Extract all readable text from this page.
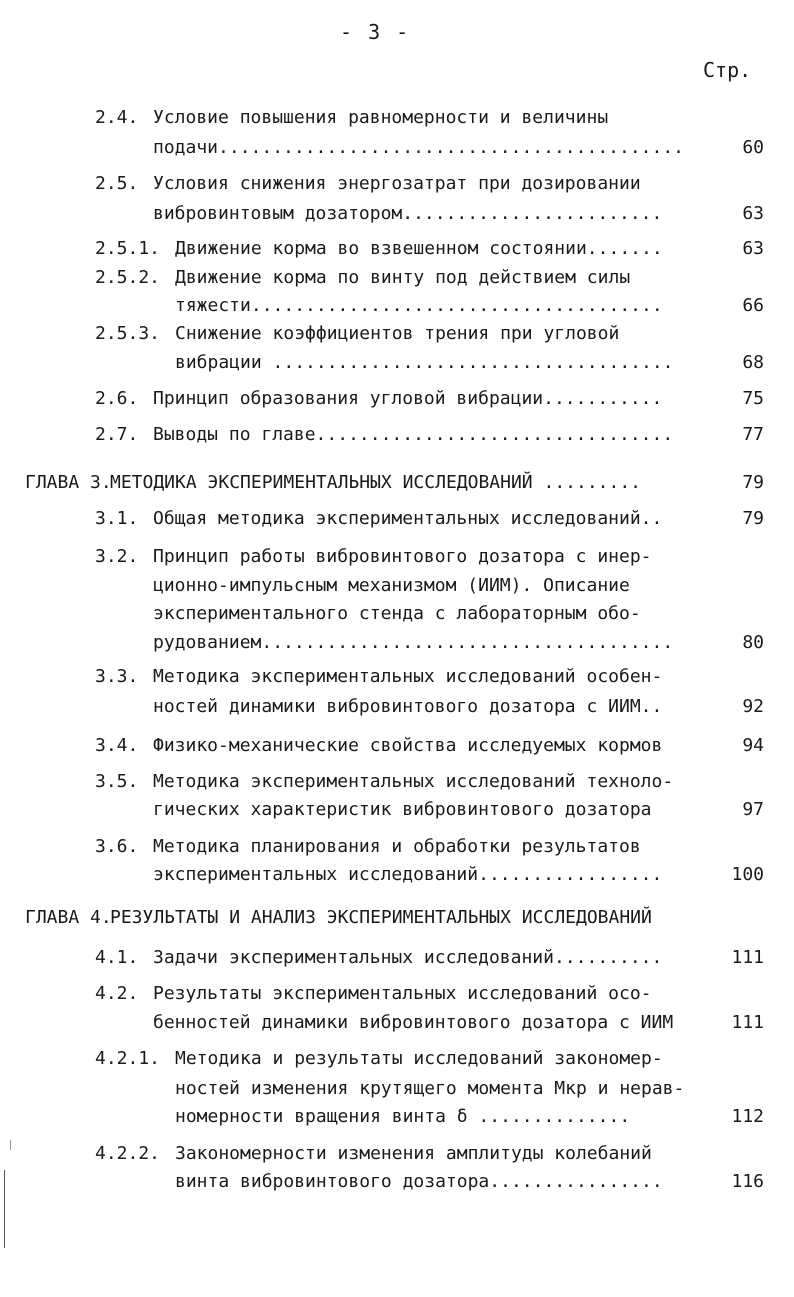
- 3 -
Стр.
2.4. Условие повышения равномерности и величины
подачи...........................................	60
2.5. Условия снижения энергозатрат при дозировании
вибровинтовым дозатором........................	63
2.5.1. Движение корма во взвешенном состоянии.......	63
2.5.2. Движение корма по винту под действием силы
тяжести......................................	66
2.5.3. Снижение коэффициентов трения при угловой
вибрации .....................................	68
2.6. Принцип образования угловой вибрации...........	75
2.7. Выводы по главе.................................	77
ГЛАВА 3.
МЕТОДИКА ЭКСПЕРИМЕНТАЛЬНЫХ ИССЛЕДОВАНИЙ .........	79
3.1. Общая методика экспериментальных исследований..	79
3.2. Принцип работы вибровинтового дозатора с инер-
ционно-импульсным механизмом (ИИМ). Описание
экспериментального стенда с лабораторным обо-
рудованием......................................	80
3.3. Методика экспериментальных исследований особен-
ностей динамики вибровинтового дозатора с ИИМ..	92
3.4. Физико-механические свойства исследуемых кормов	94
3.5. Методика экспериментальных исследований техноло-
гических характеристик вибровинтового дозатора	97
3.6. Методика планирования и обработки результатов
экспериментальных исследований.................	100
ГЛАВА 4.
РЕЗУЛЬТАТЫ И АНАЛИЗ ЭКСПЕРИМЕНТАЛЬНЫХ ИССЛЕДОВАНИЙ
4.1. Задачи экспериментальных исследований..........	111
4.2. Результаты экспериментальных исследований осо-
бенностей динамики вибровинтового дозатора с ИИМ	111
4.2.1. Методика и результаты исследований закономер-
ностей изменения крутящего момента Мкр и нерав-
номерности вращения винта δ ..............	112
4.2.2. Закономерности изменения амплитуды колебаний
винта вибровинтового дозатора................	116
